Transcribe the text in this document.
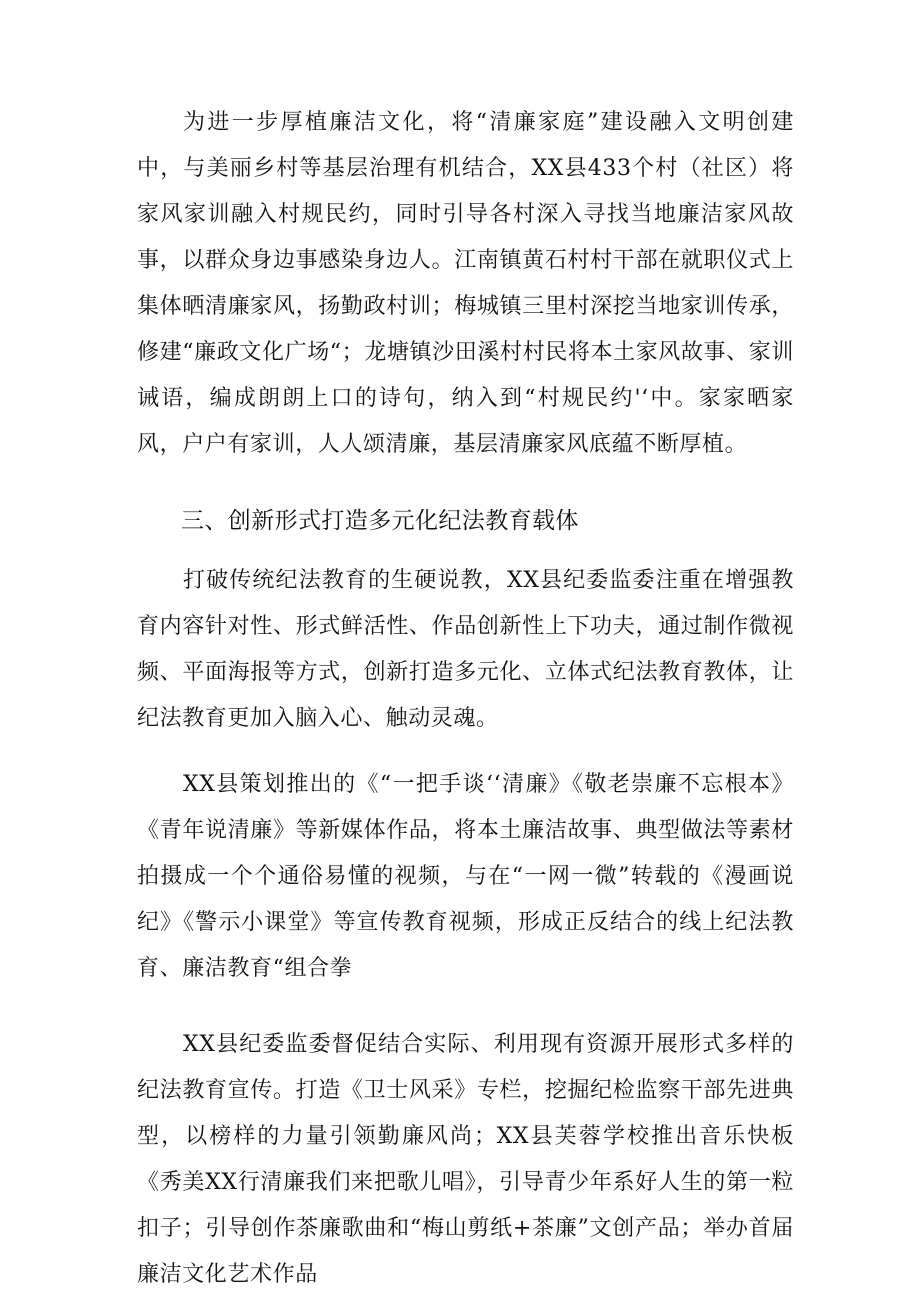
为进一步厚植廉洁文化，将“清廉家庭”建设融入文明创建中，与美丽乡村等基层治理有机结合，XX县433个村（社区）将家风家训融入村规民约，同时引导各村深入寻找当地廉洁家风故事，以群众身边事感染身边人。江南镇黄石村村干部在就职仪式上集体晒清廉家风，扬勤政村训；梅城镇三里村深挖当地家训传承，修建“廉政文化广场“；龙塘镇沙田溪村村民将本土家风故事、家训诫语，编成朗朗上口的诗句，纳入到“村规民约'‘中。家家晒家风，户户有家训，人人颂清廉，基层清廉家风底蕴不断厚植。

三、创新形式打造多元化纪法教育载体

打破传统纪法教育的生硬说教，XX县纪委监委注重在增强教育内容针对性、形式鲜活性、作品创新性上下功夫，通过制作微视频、平面海报等方式，创新打造多元化、立体式纪法教育教体，让纪法教育更加入脑入心、触动灵魂。

XX县策划推出的《“一把手谈‘‘清廉》《敬老崇廉不忘根本》《青年说清廉》等新媒体作品，将本土廉洁故事、典型做法等素材拍摄成一个个通俗易懂的视频，与在“一网一微”转载的《漫画说纪》《警示小课堂》等宣传教育视频，形成正反结合的线上纪法教育、廉洁教育“组合拳

XX县纪委监委督促结合实际、利用现有资源开展形式多样的纪法教育宣传。打造《卫士风采》专栏，挖掘纪检监察干部先进典型，以榜样的力量引领勤廉风尚；XX县芙蓉学校推出音乐快板《秀美XX行清廉我们来把歌儿唱》，引导青少年系好人生的第一粒扣子；引导创作茶廉歌曲和“梅山剪纸+茶廉”文创产品；举办首届廉洁文化艺术作品
